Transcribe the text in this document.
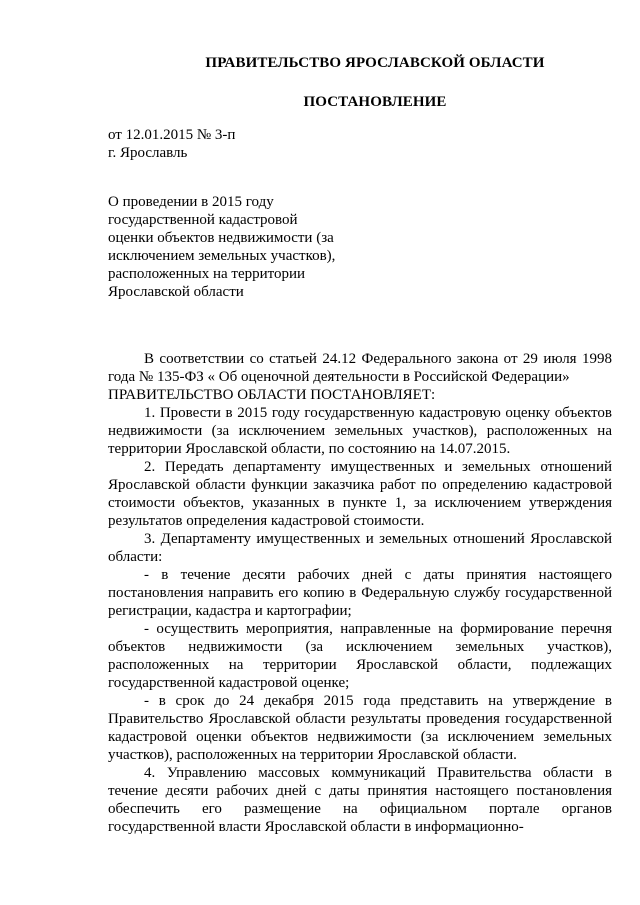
ПРАВИТЕЛЬСТВО ЯРОСЛАВСКОЙ ОБЛАСТИ
ПОСТАНОВЛЕНИЕ
от 12.01.2015 № 3-п
г. Ярославль

О проведении в 2015 году государственной кадастровой оценки объектов недвижимости (за исключением земельных участков), расположенных на территории Ярославской области

В соответствии со статьей 24.12 Федерального закона от 29 июля 1998 года № 135-ФЗ « Об оценочной деятельности в Российской Федерации»

ПРАВИТЕЛЬСТВО ОБЛАСТИ ПОСТАНОВЛЯЕТ:

1. Провести в 2015 году государственную кадастровую оценку объектов недвижимости (за исключением земельных участков), расположенных на территории Ярославской области, по состоянию на 14.07.2015.

2. Передать департаменту имущественных и земельных отношений Ярославской области функции заказчика работ по определению кадастровой стоимости объектов, указанных в пункте 1, за исключением утверждения результатов определения кадастровой стоимости.

3. Департаменту имущественных и земельных отношений Ярославской области:

- в течение десяти рабочих дней с даты принятия настоящего постановления направить его копию в Федеральную службу государственной регистрации, кадастра и картографии;

- осуществить мероприятия, направленные на формирование перечня объектов недвижимости (за исключением земельных участков), расположенных на территории Ярославской области, подлежащих государственной кадастровой оценке;

- в срок до 24 декабря 2015 года представить на утверждение в Правительство Ярославской области результаты проведения государственной кадастровой оценки объектов недвижимости (за исключением земельных участков), расположенных на территории Ярославской области.

4. Управлению массовых коммуникаций Правительства области в течение десяти рабочих дней с даты принятия настоящего постановления обеспечить его размещение на официальном портале органов государственной власти Ярославской области в информационно-
